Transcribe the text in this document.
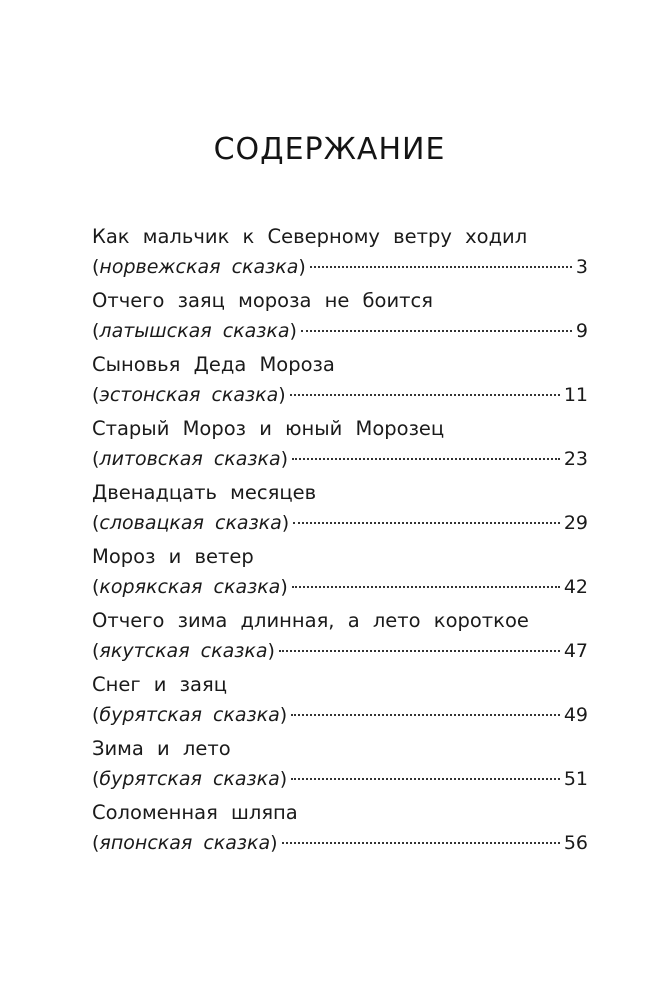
СОДЕРЖАНИЕ
Как мальчик к Северному ветру ходил
(норвежская сказка)	3
Отчего заяц мороза не боится
(латышская сказка)	9
Сыновья Деда Мороза
(эстонская сказка)	11
Старый Мороз и юный Морозец
(литовская сказка)	23
Двенадцать месяцев
(словацкая сказка)	29
Мороз и ветер
(корякская сказка)	42
Отчего зима длинная, а лето короткое
(якутская сказка)	47
Снег и заяц
(бурятская сказка)	49
Зима и лето
(бурятская сказка)	51
Соломенная шляпа
(японская сказка)	56
